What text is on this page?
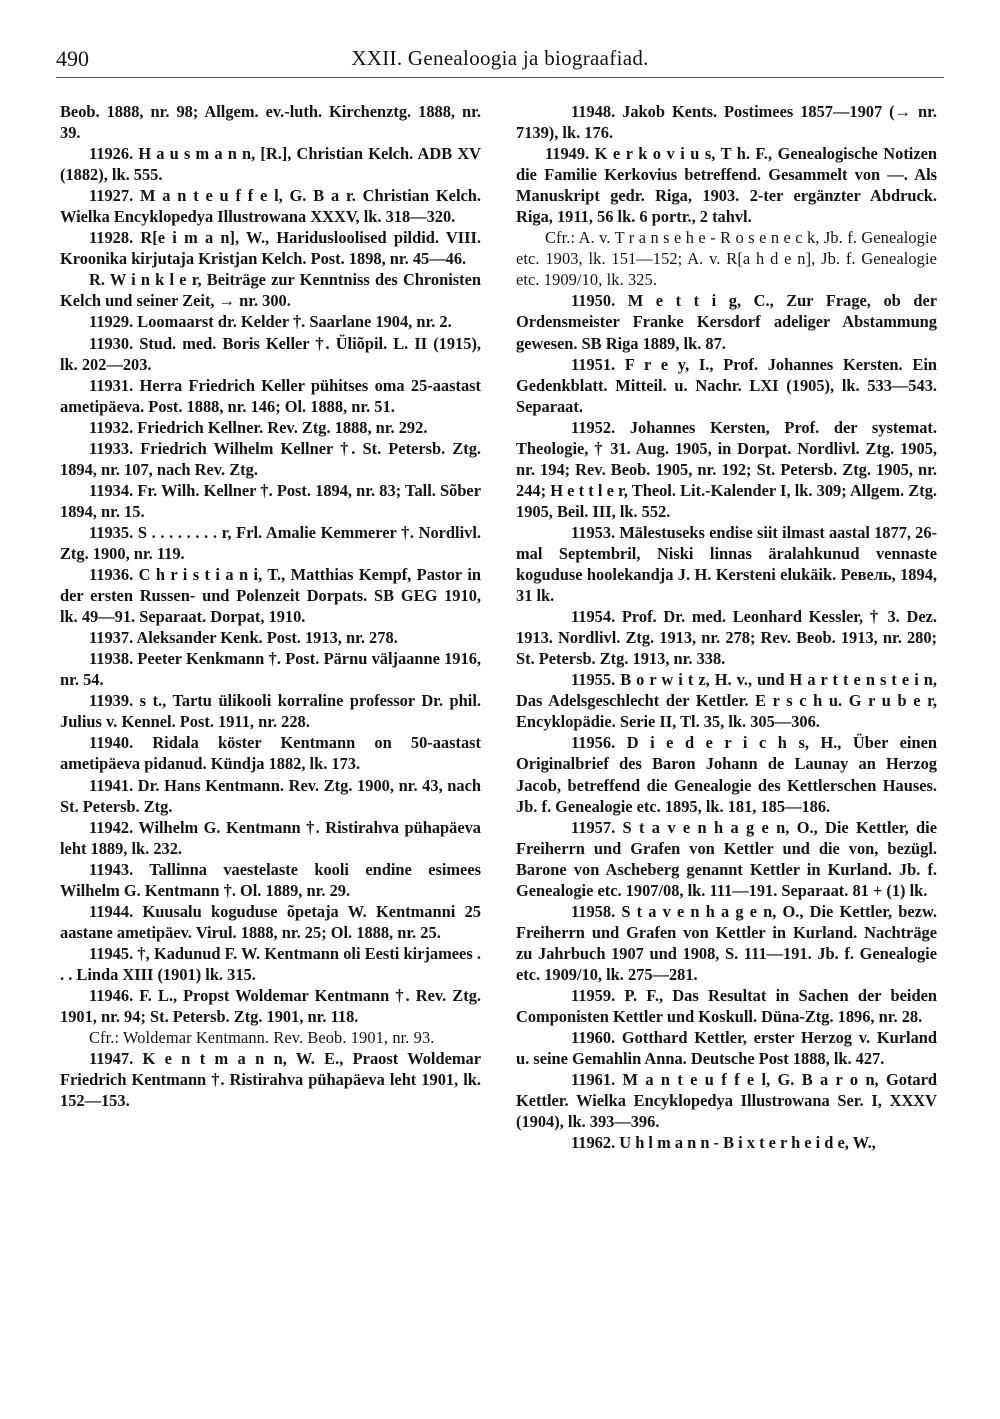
490	XXII. Genealoogia ja biograafiad.

Beob. 1888, nr. 98; Allgem. ev.-luth. Kirchenztg. 1888, nr. 39.

11926. H a u s m a n n, [R.], Christian Kelch. ADB XV (1882), lk. 555.

11927. M a n t e u f f e l, G. B a r. Christian Kelch. Wielka Encyklopedya Illustrowana XXXV, lk. 318—320.

11928. R[e i m a n], W., Haridusloolised pildid. VIII. Kroonika kirjutaja Kristjan Kelch. Post. 1898, nr. 45—46.

R. W i n k l e r, Beiträge zur Kenntniss des Chronisten Kelch und seiner Zeit, → nr. 300.

11929. Loomaarst dr. Kelder †. Saarlane 1904, nr. 2.

11930. Stud. med. Boris Keller †. Üliõpil. L. II (1915), lk. 202—203.

11931. Herra Friedrich Keller pühitses oma 25-aastast ametipäeva. Post. 1888, nr. 146; Ol. 1888, nr. 51.

11932. Friedrich Kellner. Rev. Ztg. 1888, nr. 292.

11933. Friedrich Wilhelm Kellner †. St. Petersb. Ztg. 1894, nr. 107, nach Rev. Ztg.

11934. Fr. Wilh. Kellner †. Post. 1894, nr. 83; Tall. Sõber 1894, nr. 15.

11935. S . . . . . . . . r, Frl. Amalie Kemmerer †. Nordlivl. Ztg. 1900, nr. 119.

11936. C h r i s t i a n i, T., Matthias Kempf, Pastor in der ersten Russen- und Polenzeit Dorpats. SB GEG 1910, lk. 49—91. Separaat. Dorpat, 1910.

11937. Aleksander Kenk. Post. 1913, nr. 278.

11938. Peeter Kenkmann †. Post. Pärnu väljaanne 1916, nr. 54.

11939. s t., Tartu ülikooli korraline professor Dr. phil. Julius v. Kennel. Post. 1911, nr. 228.

11940. Ridala köster Kentmann on 50-aastast ametipäeva pidanud. Kündja 1882, lk. 173.

11941. Dr. Hans Kentmann. Rev. Ztg. 1900, nr. 43, nach St. Petersb. Ztg.

11942. Wilhelm G. Kentmann †. Ristirahva pühapäeva leht 1889, lk. 232.

11943. Tallinna vaestelaste kooli endine esimees Wilhelm G. Kentmann †. Ol. 1889, nr. 29.

11944. Kuusalu koguduse õpetaja W. Kentmanni 25 aastane ametipäev. Virul. 1888, nr. 25; Ol. 1888, nr. 25.

11945. †, Kadunud F. W. Kentmann oli Eesti kirjamees . . . Linda XIII (1901) lk. 315.

11946. F. L., Propst Woldemar Kentmann †. Rev. Ztg. 1901, nr. 94; St. Petersb. Ztg. 1901, nr. 118.

Cfr.: Woldemar Kentmann. Rev. Beob. 1901, nr. 93.

11947. K e n t m a n n, W. E., Praost Woldemar Friedrich Kentmann †. Ristirahva pühapäeva leht 1901, lk. 152—153.

11948. Jakob Kents. Postimees 1857—1907 (→ nr. 7139), lk. 176.

11949. K e r k o v i u s, T h. F., Genealogische Notizen die Familie Kerkovius betreffend. Gesammelt von —. Als Manuskript gedr. Riga, 1903. 2-ter ergänzter Abdruck. Riga, 1911, 56 lk. 6 portr., 2 tahvl.

Cfr.: A. v. T r a n s e h e - R o s e n e c k, Jb. f. Genealogie etc. 1903, lk. 151—152; A. v. R[a h d e n], Jb. f. Genealogie etc. 1909/10, lk. 325.

11950. M e t t i g, C., Zur Frage, ob der Ordensmeister Franke Kersdorf adeliger Abstammung gewesen. SB Riga 1889, lk. 87.

11951. F r e y, I., Prof. Johannes Kersten. Ein Gedenkblatt. Mitteil. u. Nachr. LXI (1905), lk. 533—543. Separaat.

11952. Johannes Kersten, Prof. der systemat. Theologie, † 31. Aug. 1905, in Dorpat. Nordlivl. Ztg. 1905, nr. 194; Rev. Beob. 1905, nr. 192; St. Petersb. Ztg. 1905, nr. 244; H e t t l e r, Theol. Lit.-Kalender I, lk. 309; Allgem. Ztg. 1905, Beil. III, lk. 552.

11953. Mälestuseks endise siit ilmast aastal 1877, 26-mal Septembril, Niski linnas äralahkunud vennaste koguduse hoolekandja J. H. Kersteni elukäik. Ревель, 1894, 31 lk.

11954. Prof. Dr. med. Leonhard Kessler, † 3. Dez. 1913. Nordlivl. Ztg. 1913, nr. 278; Rev. Beob. 1913, nr. 280; St. Petersb. Ztg. 1913, nr. 338.

11955. B o r w i t z, H. v., und H a r t t e n s t e i n, Das Adelsgeschlecht der Kettler. E r s c h u. G r u b e r, Encyklopädie. Serie II, Tl. 35, lk. 305—306.

11956. D i e d e r i c h s, H., Über einen Originalbrief des Baron Johann de Launay an Herzog Jacob, betreffend die Genealogie des Kettlerschen Hauses. Jb. f. Genealogie etc. 1895, lk. 181, 185—186.

11957. S t a v e n h a g e n, O., Die Kettler, die Freiherrn und Grafen von Kettler und die von, bezügl. Barone von Ascheberg genannt Kettler in Kurland. Jb. f. Genealogie etc. 1907/08, lk. 111—191. Separaat. 81 + (1) lk.

11958. S t a v e n h a g e n, O., Die Kettler, bezw. Freiherrn und Grafen von Kettler in Kurland. Nachträge zu Jahrbuch 1907 und 1908, S. 111—191. Jb. f. Genealogie etc. 1909/10, lk. 275—281.

11959. P. F., Das Resultat in Sachen der beiden Componisten Kettler und Koskull. Düna-Ztg. 1896, nr. 28.

11960. Gotthard Kettler, erster Herzog v. Kurland u. seine Gemahlin Anna. Deutsche Post 1888, lk. 427.

11961. M a n t e u f f e l, G. B a r o n, Gotard Kettler. Wielka Encyklopedya Illustrowana Ser. I, XXXV (1904), lk. 393—396.

11962. U h l m a n n - B i x t e r h e i d e, W.,
